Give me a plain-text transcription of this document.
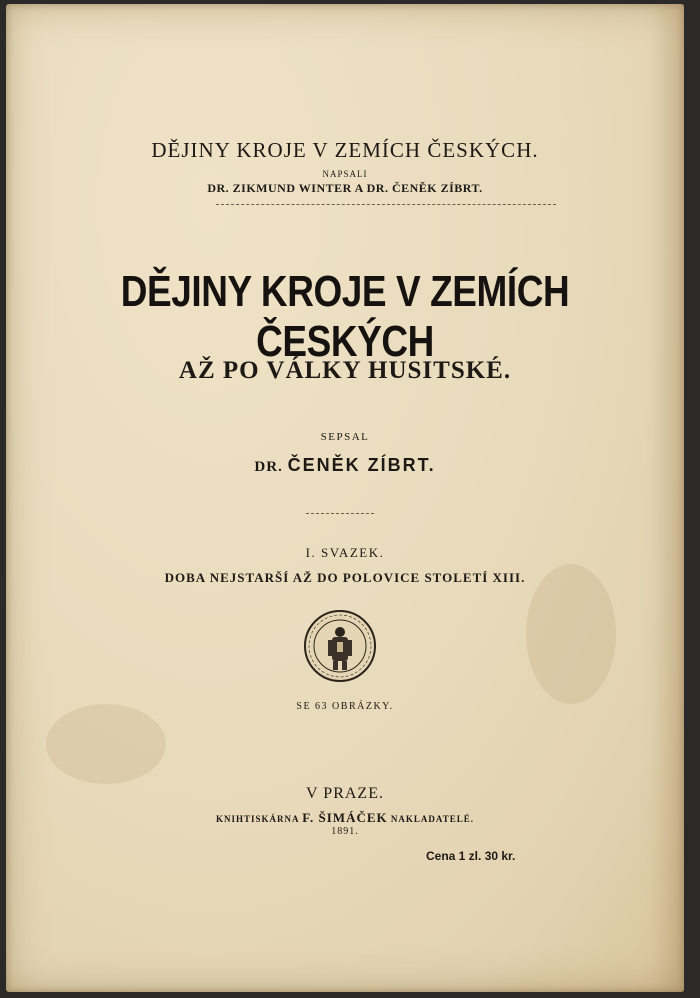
DĚJINY KROJE V ZEMÍCH ČESKÝCH.
NAPSALI
DR. ZIKMUND WINTER A DR. ČENĚK ZÍBRT.
DĚJINY KROJE V ZEMÍCH ČESKÝCH
AŽ PO VÁLKY HUSITSKÉ.
SEPSAL
DR. ČENĚK ZÍBRT.
I. SVAZEK.
DOBA NEJSTARŠÍ AŽ DO POLOVICE STOLETÍ XIII.
SE 63 OBRÁZKY.
V PRAZE.
KNIHTISKÁRNA F. ŠIMÁČEK NAKLADATELÉ.
1891.
Cena 1 zl. 30 kr.
